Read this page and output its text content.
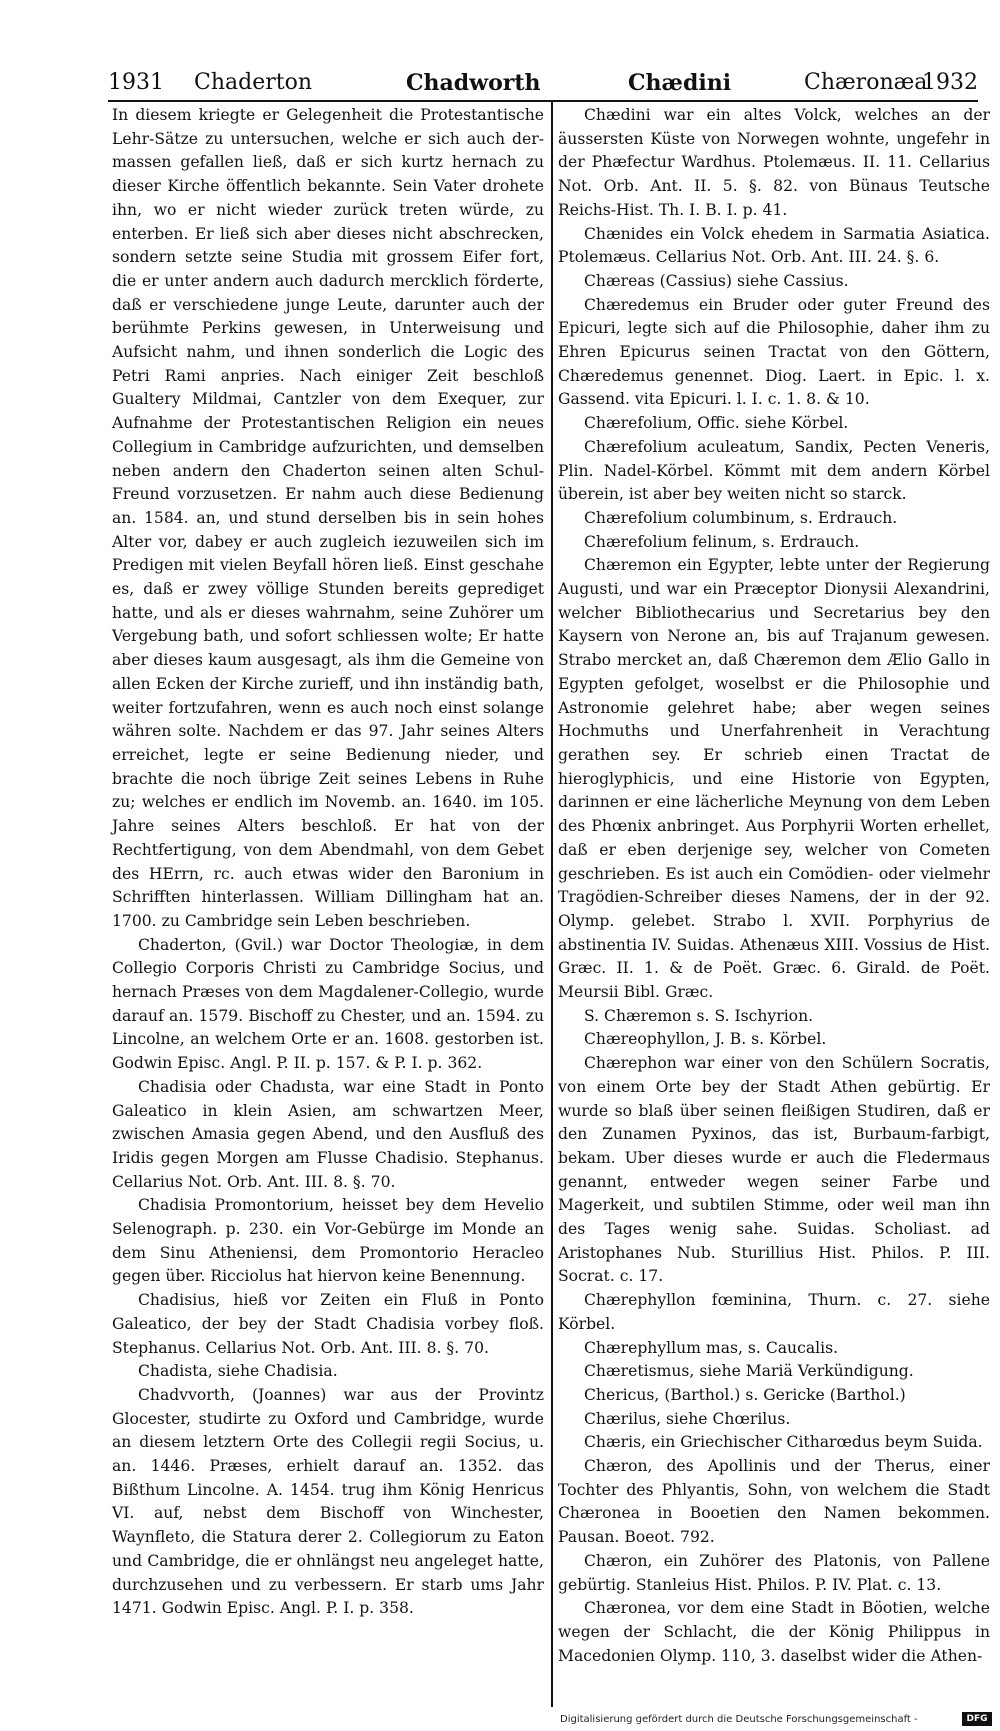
1931 Chaderton	Chadworth	Chædini	Chæronæa
1932

In diesem kriegte er Gelegenheit die Protestantische Lehr-Sätze zu untersuchen, welche er sich auch der-massen gefallen ließ, daß er sich kurtz hernach zu dieser Kirche öffentlich bekannte. Sein Vater drohete ihn, wo er nicht wieder zurück treten würde, zu enterben. Er ließ sich aber dieses nicht abschrecken, sondern setzte seine Studia mit grossem Eifer fort, die er unter andern auch dadurch mercklich förderte, daß er verschiedene junge Leute, darunter auch der berühmte Perkins gewesen, in Unterweisung und Aufsicht nahm, und ihnen sonderlich die Logic des Petri Rami anpries. Nach einiger Zeit beschloß Gualtery Mildmai, Cantzler von dem Exequer, zur Aufnahme der Protestantischen Religion ein neues Collegium in Cambridge aufzurichten, und demselben neben andern den Chaderton seinen alten Schul-Freund vorzusetzen. Er nahm auch diese Bedienung an. 1584. an, und stund derselben bis in sein hohes Alter vor, dabey er auch zugleich iezuweilen sich im Predigen mit vielen Beyfall hören ließ. Einst geschahe es, daß er zwey völlige Stunden bereits geprediget hatte, und als er dieses wahrnahm, seine Zuhörer um Vergebung bath, und sofort schliessen wolte; Er hatte aber dieses kaum ausgesagt, als ihm die Gemeine von allen Ecken der Kirche zurieff, und ihn inständig bath, weiter fortzufahren, wenn es auch noch einst solange währen solte. Nachdem er das 97. Jahr seines Alters erreichet, legte er seine Bedienung nieder, und brachte die noch übrige Zeit seines Lebens in Ruhe zu; welches er endlich im Novemb. an. 1640. im 105. Jahre seines Alters beschloß. Er hat von der Rechtfertigung, von dem Abendmahl, von dem Gebet des HErrn, rc. auch etwas wider den Baronium in Schrifften hinterlassen. William Dillingham hat an. 1700. zu Cambridge sein Leben beschrieben.

Chaderton, (Gvil.) war Doctor Theologiæ, in dem Collegio Corporis Christi zu Cambridge Socius, und hernach Præses von dem Magdalener-Collegio, wurde darauf an. 1579. Bischoff zu Chester, und an. 1594. zu Lincolne, an welchem Orte er an. 1608. gestorben ist. Godwin Episc. Angl. P. II. p. 157. & P. I. p. 362.

Chadisia oder Chadısta, war eine Stadt in Ponto Galeatico in klein Asien, am schwartzen Meer, zwischen Amasia gegen Abend, und den Ausfluß des Iridis gegen Morgen am Flusse Chadisio. Stephanus. Cellarius Not. Orb. Ant. III. 8. §. 70.

Chadisia Promontorium, heisset bey dem Hevelio Selenograph. p. 230. ein Vor-Gebürge im Monde an dem Sinu Atheniensi, dem Promontorio Heracleo gegen über. Ricciolus hat hiervon keine Benennung.

Chadisius, hieß vor Zeiten ein Fluß in Ponto Galeatico, der bey der Stadt Chadisia vorbey floß. Stephanus. Cellarius Not. Orb. Ant. III. 8. §. 70.

Chadista, siehe Chadisia.

Chadvvorth, (Joannes) war aus der Provintz Glocester, studirte zu Oxford und Cambridge, wurde an diesem letztern Orte des Collegii regii Socius, u. an. 1446. Præses, erhielt darauf an. 1352. das Bißthum Lincolne. A. 1454. trug ihm König Henricus VI. auf, nebst dem Bischoff von Winchester, Waynfleto, die Statura derer 2. Collegiorum zu Eaton und Cambridge, die er ohnlängst neu angeleget hatte, durchzusehen und zu verbessern. Er starb ums Jahr 1471. Godwin Episc. Angl. P. I. p. 358.

Chædini war ein altes Volck, welches an der äussersten Küste von Norwegen wohnte, ungefehr in der Phæfectur Wardhus. Ptolemæus. II. 11. Cellarius Not. Orb. Ant. II. 5. §. 82. von Bünaus Teutsche Reichs-Hist. Th. I. B. I. p. 41.

Chænides ein Volck ehedem in Sarmatia Asiatica. Ptolemæus. Cellarius Not. Orb. Ant. III. 24. §. 6.

Chæreas (Cassius) siehe Cassius.

Chæredemus ein Bruder oder guter Freund des Epicuri, legte sich auf die Philosophie, daher ihm zu Ehren Epicurus seinen Tractat von den Göttern, Chæredemus genennet. Diog. Laert. in Epic. l. x. Gassend. vita Epicuri. l. I. c. 1. 8. & 10.

Chærefolium, Offic. siehe Körbel.

Chærefolium aculeatum, Sandix, Pecten Veneris, Plin. Nadel-Körbel. Kömmt mit dem andern Körbel überein, ist aber bey weiten nicht so starck.

Chærefolium columbinum, s. Erdrauch.

Chærefolium felinum, s. Erdrauch.

Chæremon ein Egypter, lebte unter der Regierung Augusti, und war ein Præceptor Dionysii Alexandrini, welcher Bibliothecarius und Secretarius bey den Kaysern von Nerone an, bis auf Trajanum gewesen. Strabo mercket an, daß Chæremon dem Ælio Gallo in Egypten gefolget, woselbst er die Philosophie und Astronomie gelehret habe; aber wegen seines Hochmuths und Unerfahrenheit in Verachtung gerathen sey. Er schrieb einen Tractat de hieroglyphicis, und eine Historie von Egypten, darinnen er eine lächerliche Meynung von dem Leben des Phœnix anbringet. Aus Porphyrii Worten erhellet, daß er eben derjenige sey, welcher von Cometen geschrieben. Es ist auch ein Comödien- oder vielmehr Tragödien-Schreiber dieses Namens, der in der 92. Olymp. gelebet. Strabo l. XVII. Porphyrius de abstinentia IV. Suidas. Athenæus XIII. Vossius de Hist. Græc. II. 1. & de Poët. Græc. 6. Girald. de Poët. Meursii Bibl. Græc.

S. Chæremon s. S. Ischyrion.

Chæreophyllon, J. B. s. Körbel.

Chærephon war einer von den Schülern Socratis, von einem Orte bey der Stadt Athen gebürtig. Er wurde so blaß über seinen fleißigen Studiren, daß er den Zunamen Pyxinos, das ist, Burbaum-farbigt, bekam. Uber dieses wurde er auch die Fledermaus genannt, entweder wegen seiner Farbe und Magerkeit, und subtilen Stimme, oder weil man ihn des Tages wenig sahe. Suidas. Scholiast. ad Aristophanes Nub. Sturillius Hist. Philos. P. III. Socrat. c. 17.

Chærephyllon fœminina, Thurn. c. 27. siehe Körbel.

Chærephyllum mas, s. Caucalis.

Chæretismus, siehe Mariä Verkündigung.

Chericus, (Barthol.) s. Gericke (Barthol.)

Chærilus, siehe Chœrilus.

Chæris, ein Griechischer Citharœdus beym Suida.

Chæron, des Apollinis und der Therus, einer Tochter des Phlyantis, Sohn, von welchem die Stadt Chæronea in Booetien den Namen bekommen. Pausan. Boeot. 792.

Chæron, ein Zuhörer des Platonis, von Pallene gebürtig. Stanleius Hist. Philos. P. IV. Plat. c. 13.

Chæronea, vor dem eine Stadt in Böotien, welche wegen der Schlacht, die der König Philippus in Macedonien Olymp. 110, 3. daselbst wider die Athen-

Digitalisierung gefördert durch die Deutsche Forschungsgemeinschaft -	DFG
